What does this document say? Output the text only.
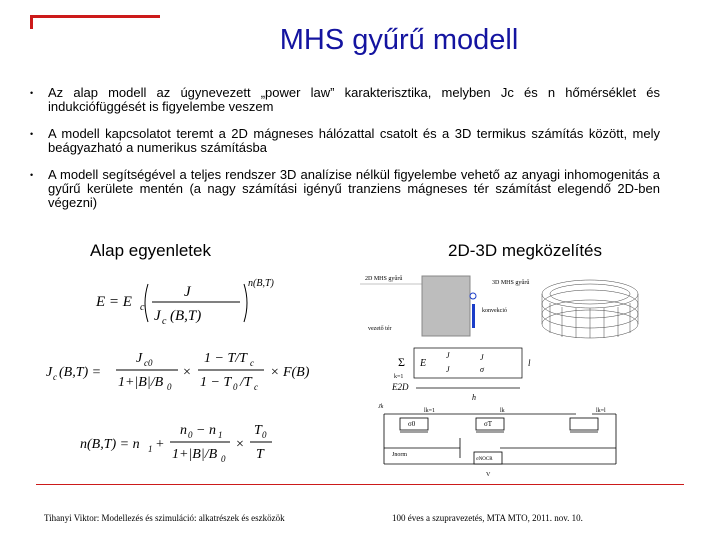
MHS gyűrű modell
• Az alap modell az úgynevezett „power law” karakterisztika, melyben Jc és n hőmérséklet és indukciófüggését is figyelembe veszem
• A modell kapcsolatot teremt a 2D mágneses hálózattal csatolt és a 3D termikus számítás között, mely beágyazható a numerikus számításba
• A modell segítségével a teljes rendszer 3D analízise nélkül figyelembe vehető az anyagi inhomogenitás a gyűrű kerülete mentén (a nagy számítási igényű tranziens mágneses tér számítást elegendő 2D-ben végezni)
Alap egyenletek	2D-3D megközelítés
E = E c
J
J c (B,T)
n(B,T)
J c (B,T) =
J c0
1+|B|/B 0
×
1 − T/T c
1 − T 0 /T c
× F(B)
n(B,T) = n 1 +
n 0 − n 1
1+|B|/B 0
×
T 0
T
2D MHS gyűrű
vezető tér
3D MHS gyűrű
konvekció
Σ
k=1
E
J
J
J
σ
l
E2D
h
Jk
lk=1	lk	lk=l
σ0	σT
Jnorm
σNOCR
V
Tihanyi Viktor: Modellezés és szimuláció: alkatrészek és eszközök	100 éves a szupravezetés, MTA MTO, 2011. nov. 10.
